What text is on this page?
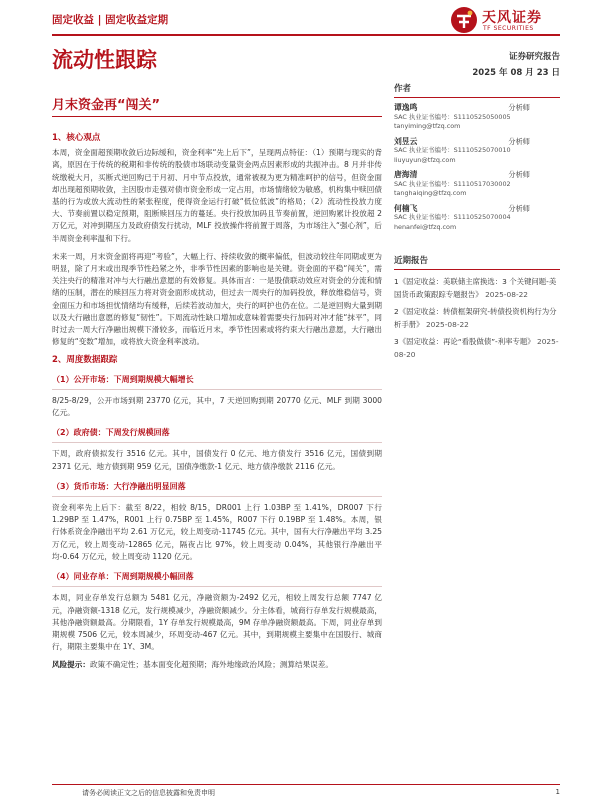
固定收益 | 固定收益定期	天风证券
TF SECURITIES
流动性跟踪	证券研究报告
2025 年 08 月 23 日
月末资金再“闯关”
1、核心观点
本周，资金面超预期收敛后边际缓和，资金利率“先上后下”，呈现两点特征：（1）预期与现实的背离，原因在于传统的税期和非传统的股债市场联动变量资金两点因素形成的共振冲击。8 月并非传统缴税大月，买断式逆回购已于月初、月中节点投放，通常被视为更为精准呵护的信号，但资金面却出现超预期收敛，主因股市走强对债市资金形成一定占用，市场情绪较为敏感，机构集中赎回债基的行为或放大流动性的紧张程度，使得资金运行打破“低位低波”的格局；（2）流动性投放力度大、节奏前置以稳定预期，阻断赎回压力的蔓延。央行投放加码且节奏前置，逆回购累计投放超 2 万亿元，对冲到期压力及政府债发行扰动，MLF 投放操作将前置于周落，为市场注入“强心剂”，后半周资金利率温和下行。
未来一周，月末资金面将再迎“考验”，大幅上行、持续收敛的概率偏低，但波动较往年同期或更为明显，除了月末或出现季节性趋紧之外，非季节性因素的影响也是关键。资金面的平稳“闯关”，需关注央行的精准对冲与大行融出意愿的有效修复。具体而言：一是股债联动效应对资金的分流和情绪的压制，潜在的赎回压力将对资金面形成扰动，但过去一周央行的加码投放，释放维稳信号，资金面压力和市场担忧情绪均有缓释，后续若波动加大，央行的呵护也仍在位。二是逆回购大量到期以及大行融出意愿的修复“韧性”。下周流动性缺口增加或意味着需要央行加码对冲才能“抹平”，同时过去一周大行净融出规模下滑较多，而临近月末，季节性因素或将约束大行融出意愿，大行融出修复的“变数”增加，或将放大资金利率波动。
2、周度数据跟踪
（1）公开市场：下周到期规模大幅增长
8/25-8/29，公开市场到期 23770 亿元，其中，7 天逆回购到期 20770 亿元、MLF 到期 3000 亿元。
（2）政府债：下周发行规模回落
下周，政府债拟发行 3516 亿元。其中，国债发行 0 亿元、地方债发行 3516 亿元，国债到期 2371 亿元、地方债到期 959 亿元，国债净缴款-1 亿元、地方债净缴款 2116 亿元。
（3）货币市场：大行净融出明显回落
资金利率先上后下：截至 8/22，相较 8/15，DR001 上行 1.03BP 至 1.41%，DR007 下行 1.29BP 至 1.47%，R001 上行 0.75BP 至 1.45%，R007 下行 0.19BP 至 1.48%。本周，银行体系资金净融出平均 2.61 万亿元，较上周变动-11745 亿元。其中，国有大行净融出平均 3.25 万亿元，较上周变动-12865 亿元，隔夜占比 97%，较上周变动 0.04%，其他银行净融出平均-0.64 万亿元，较上周变动 1120 亿元。
（4）同业存单：下周到期规模小幅回落
本周，同业存单发行总额为 5481 亿元，净融资额为-2492 亿元，相较上周发行总额 7747 亿元，净融资额-1318 亿元，发行规模减少，净融资额减少。分主体看，城商行存单发行规模最高，其他净融资额最高。分期限看，1Y 存单发行规模最高，9M 存单净融资额最高。下周，同业存单到期规模 7506 亿元，较本周减少，环周变动-467 亿元。其中，到期规模主要集中在国股行、城商行，期限主要集中在 1Y、3M。
风险提示：政策不确定性；基本面变化超预期；海外地缘政治风险；测算结果误差。
作者
谭逸鸣	分析师
SAC 执业证书编号：S1110525050005
tanyiming@tfzq.com
刘昱云	分析师
SAC 执业证书编号：S1110525070010
liuyuyun@tfzq.com
唐海清	分析师
SAC 执业证书编号：S1110517030002
tanghaiqing@tfzq.com
何楠飞	分析师
SAC 执业证书编号：S1110525070004
henanfei@tfzq.com
近期报告
1《固定收益：美联储主席换选：3 个关键问题-美国货币政策跟踪专题报告》 2025-08-22
2《固定收益：转债框架研究-转债投资机构行为分析手册》 2025-08-22
3《固定收益：再论“看股做债”-利率专题》 2025-08-20
请务必阅读正文之后的信息披露和免责申明	1
